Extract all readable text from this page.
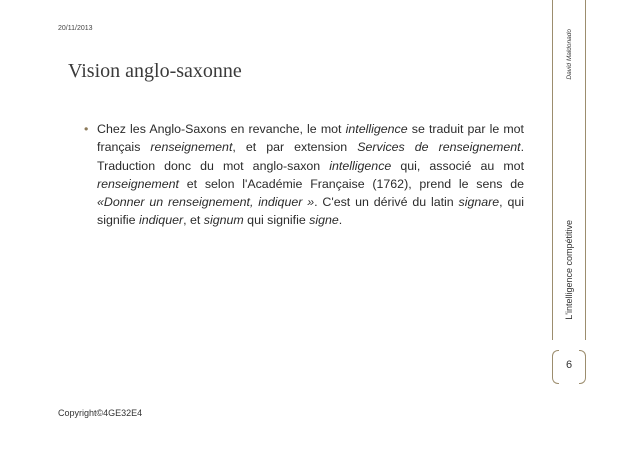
20/11/2013
Vision anglo-saxonne
• Chez les Anglo-Saxons en revanche, le mot intelligence se traduit par le mot français renseignement, et par extension Services de renseignement. Traduction donc du mot anglo-saxon intelligence qui, associé au mot renseignement et selon l'Académie Française (1762), prend le sens de «Donner un renseignement, indiquer ». C'est un dérivé du latin signare, qui signifie indiquer, et signum qui signifie signe.

David Maldonado
L'intelligence compétitive
6
Copyright©4GE32E4
